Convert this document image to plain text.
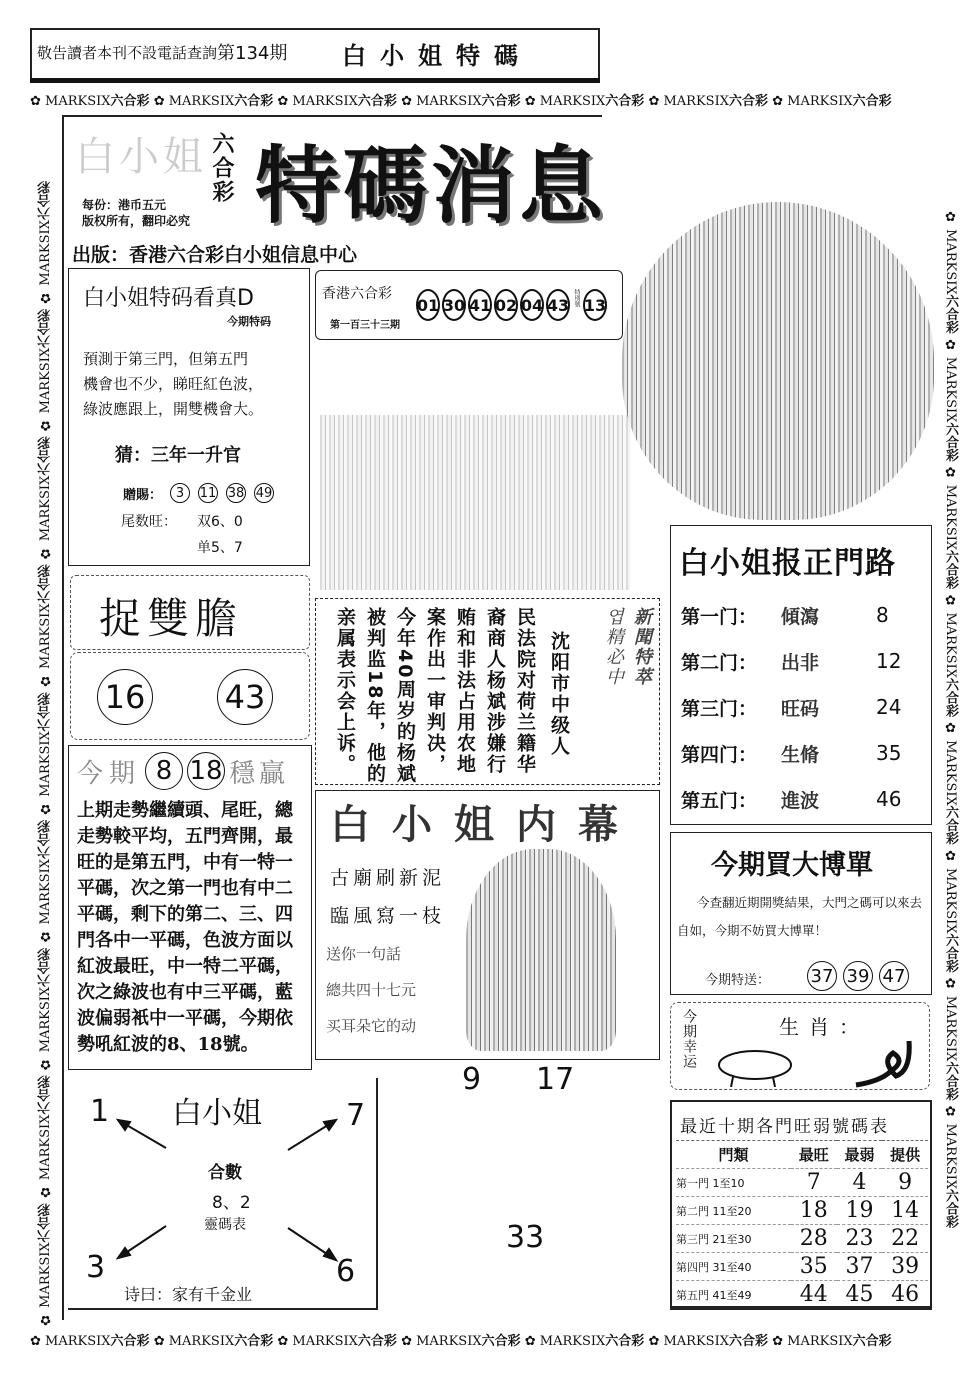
敬告讀者本刊不設電話查詢 第134期 白小姐特碼
✿ MARKSIX六合彩 ✿ MARKSIX六合彩 ✿ MARKSIX六合彩 ✿ MARKSIX六合彩 ✿ MARKSIX六合彩 ✿ MARKSIX六合彩 ✿ MARKSIX六合彩
✿ MARKSIX六合彩 ✿ MARKSIX六合彩 ✿ MARKSIX六合彩 ✿ MARKSIX六合彩 ✿ MARKSIX六合彩 ✿ MARKSIX六合彩 ✿ MARKSIX六合彩
✿ MARKSIX六合彩 ✿ MARKSIX六合彩 ✿ MARKSIX六合彩 ✿ MARKSIX六合彩 ✿ MARKSIX六合彩 ✿ MARKSIX六合彩 ✿ MARKSIX六合彩 ✿ MARKSIX六合彩 ✿ MARKSIX六合彩
✿ MARKSIX六合彩 ✿ MARKSIX六合彩 ✿ MARKSIX六合彩 ✿ MARKSIX六合彩 ✿ MARKSIX六合彩 ✿ MARKSIX六合彩 ✿ MARKSIX六合彩 ✿ MARKSIX六合彩
白小姐 六合彩 特碼消息
每份：港币五元
版权所有，翻印必究
出版：香港六合彩白小姐信息中心
香港六合彩
第一百三十三期
01 30 41 02 04 43 特別號 13
白小姐特码看真D
今期特码
預測于第三門，但第五門
機會也不少，睇旺紅色波，
綠波應跟上，開雙機會大。
猜：三年一升官
贈賜：	3	11 38 49
尾数旺： 双6、0
单5、7
捉雙膽
16 43
今期 8 18 穩贏
上期走勢繼續頭、尾旺，總走勢較平均，五門齊開，最旺的是第五門，中有一特一平碼，次之第一門也有中二平碼，剩下的第二、三、四門各中一平碼，色波方面以紅波最旺，中一特二平碼，次之綠波也有中三平碼，藍波偏弱衹中一平碼，今期依勢吼紅波的8、18號。
白小姐
1	7
3	6
合數
8、2
靈碼表
诗曰：家有千金业
沈阳市中级人
民法院对荷兰籍华
裔商人杨斌涉嫌行
贿和非法占用农地
案作出一审判决，
今年40周岁的杨斌
被判监18年，他的
亲属表示会上诉。	엽精必中 新聞特萃
白小姐内幕
古廟刷新泥
臨風寫一枝
送你一句話
總共四十七元
买耳朵它的动
9 17
33
白小姐报正門路
第一门：	傾瀉	8
第二门：	出非	12
第三门：	旺码	24
第四门：	生脩	35
第五门：	進波	46
今期買大博單
今查翻近期開獎結果，大門之碼可以來去自如，今期不妨買大博單！
今期特送： 37 39 47
今期幸运	生肖：
最近十期各門旺弱號碼表
門類	最旺	最弱	提供
第一門 1至10	7	4	9
第二門 11至20	18	19	14
第三門 21至30	28	23	22
第四門 31至40	35	37	39
第五門 41至49	44	45	46
